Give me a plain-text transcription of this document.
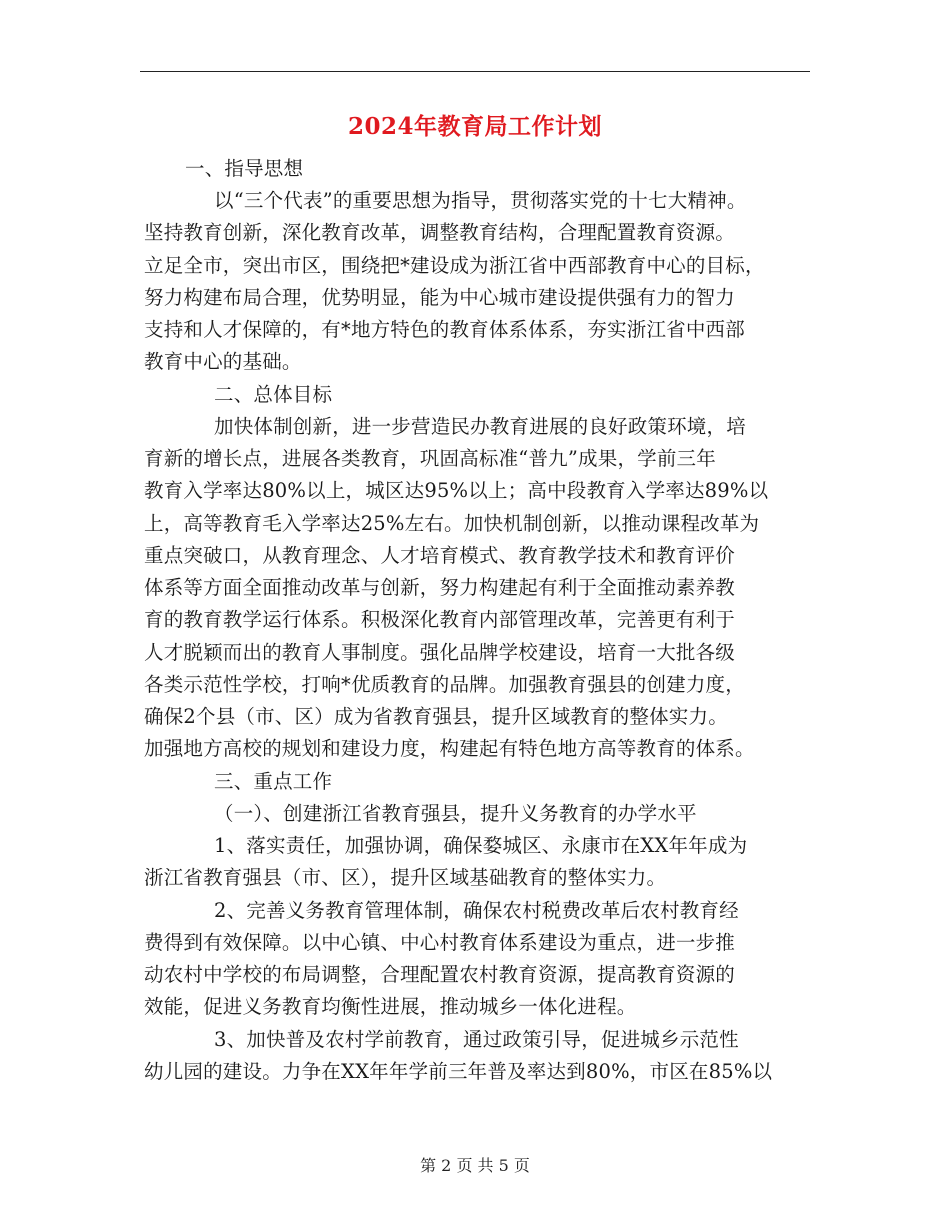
2024年教育局工作计划
一、指导思想
以“三个代表”的重要思想为指导，贯彻落实党的十七大精神。
坚持教育创新，深化教育改革，调整教育结构，合理配置教育资源。
立足全市，突出市区，围绕把*建设成为浙江省中西部教育中心的目标，
努力构建布局合理，优势明显，能为中心城市建设提供强有力的智力
支持和人才保障的，有*地方特色的教育体系体系，夯实浙江省中西部
教育中心的基础。
二、总体目标
加快体制创新，进一步营造民办教育进展的良好政策环境，培
育新的增长点，进展各类教育，巩固高标准“普九”成果，学前三年
教育入学率达80%以上，城区达95%以上；高中段教育入学率达89%以
上，高等教育毛入学率达25%左右。加快机制创新，以推动课程改革为
重点突破口，从教育理念、人才培育模式、教育教学技术和教育评价
体系等方面全面推动改革与创新，努力构建起有利于全面推动素养教
育的教育教学运行体系。积极深化教育内部管理改革，完善更有利于
人才脱颖而出的教育人事制度。强化品牌学校建设，培育一大批各级
各类示范性学校，打响*优质教育的品牌。加强教育强县的创建力度，
确保2个县（市、区）成为省教育强县，提升区域教育的整体实力。
加强地方高校的规划和建设力度，构建起有特色地方高等教育的体系。
三、重点工作
（一）、创建浙江省教育强县，提升义务教育的办学水平
1、落实责任，加强协调，确保婺城区、永康市在XX年年成为
浙江省教育强县（市、区），提升区域基础教育的整体实力。
2、完善义务教育管理体制，确保农村税费改革后农村教育经
费得到有效保障。以中心镇、中心村教育体系建设为重点，进一步推
动农村中学校的布局调整，合理配置农村教育资源，提高教育资源的
效能，促进义务教育均衡性进展，推动城乡一体化进程。
3、加快普及农村学前教育，通过政策引导，促进城乡示范性
幼儿园的建设。力争在XX年年学前三年普及率达到80%，市区在85%以
第 2 页 共 5 页
